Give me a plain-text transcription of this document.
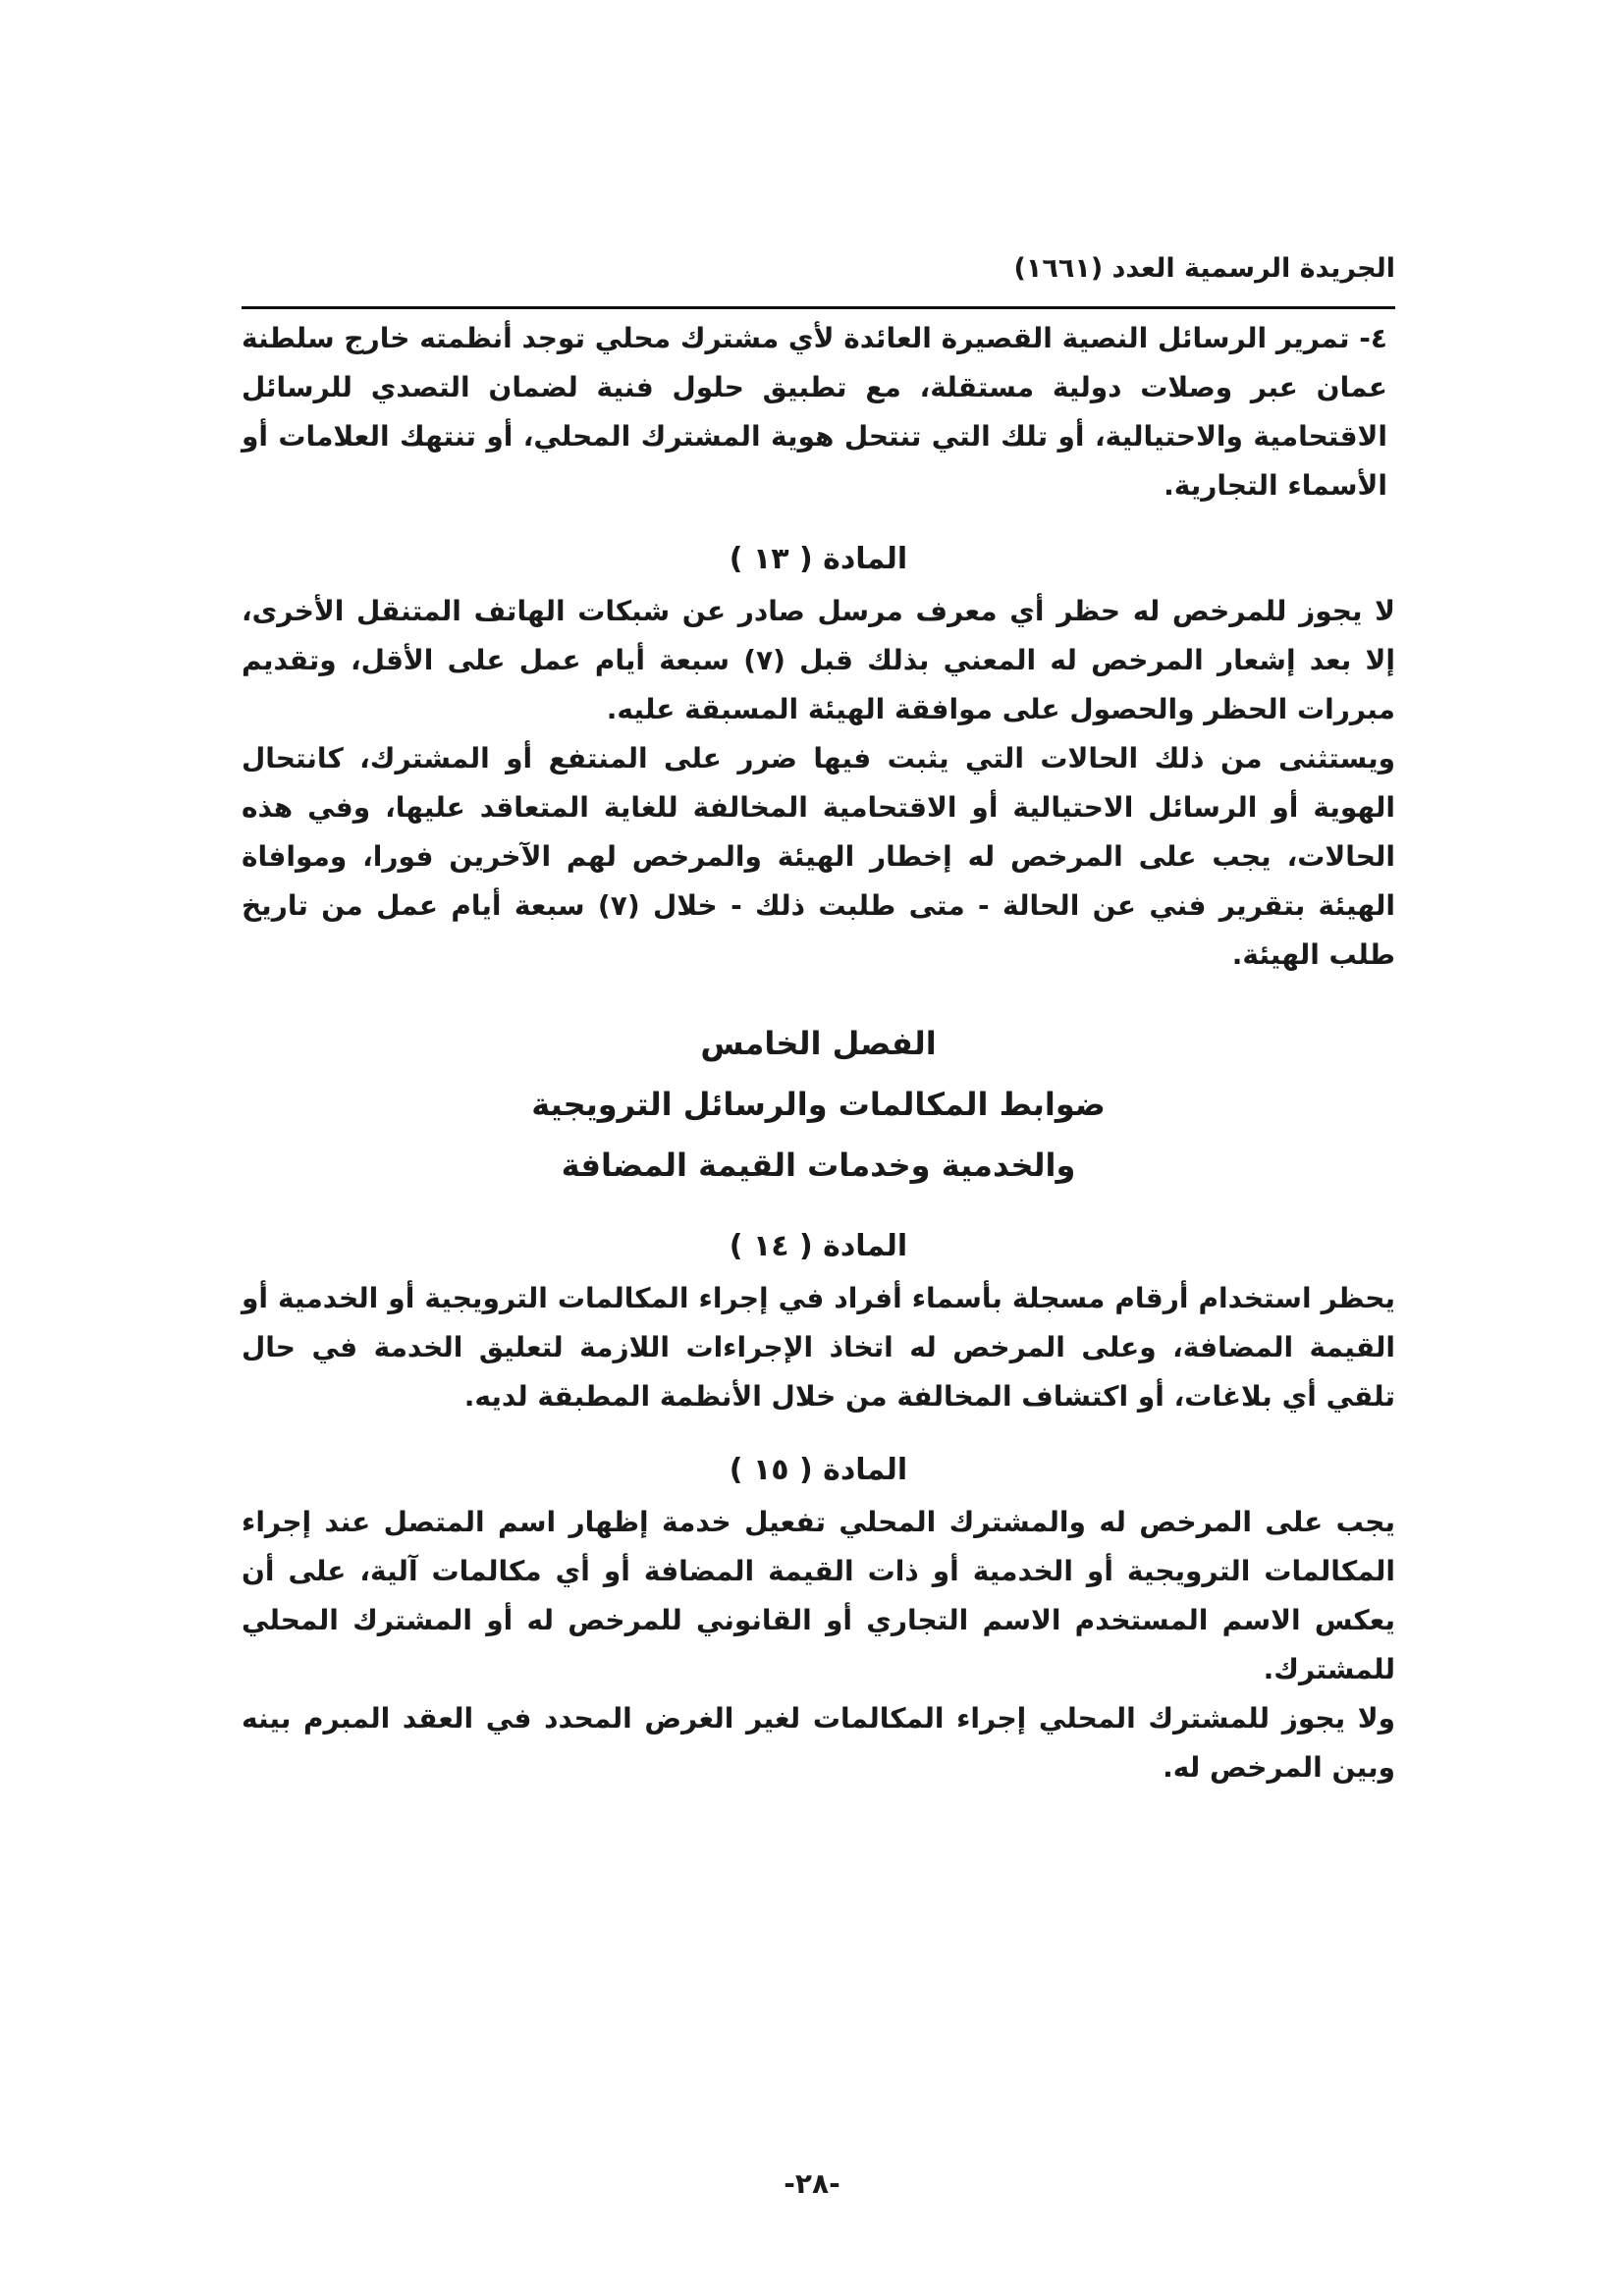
الجريدة الرسمية العدد (١٦٦١)

٤- تمرير الرسائل النصية القصيرة العائدة لأي مشترك محلي توجد أنظمته خارج سلطنة عمان عبر وصلات دولية مستقلة، مع تطبيق حلول فنية لضمان التصدي للرسائل الاقتحامية والاحتيالية، أو تلك التي تنتحل هوية المشترك المحلي، أو تنتهك العلامات أو الأسماء التجارية.

المادة ( ١٣ )

لا يجوز للمرخص له حظر أي معرف مرسل صادر عن شبكات الهاتف المتنقل الأخرى، إلا بعد إشعار المرخص له المعني بذلك قبل (٧) سبعة أيام عمل على الأقل، وتقديم مبررات الحظر والحصول على موافقة الهيئة المسبقة عليه.

ويستثنى من ذلك الحالات التي يثبت فيها ضرر على المنتفع أو المشترك، كانتحال الهوية أو الرسائل الاحتيالية أو الاقتحامية المخالفة للغاية المتعاقد عليها، وفي هذه الحالات، يجب على المرخص له إخطار الهيئة والمرخص لهم الآخرين فورا، وموافاة الهيئة بتقرير فني عن الحالة - متى طلبت ذلك - خلال (٧) سبعة أيام عمل من تاريخ طلب الهيئة.

الفصل الخامس

ضوابط المكالمات والرسائل الترويجية

والخدمية وخدمات القيمة المضافة

المادة ( ١٤ )

يحظر استخدام أرقام مسجلة بأسماء أفراد في إجراء المكالمات الترويجية أو الخدمية أو القيمة المضافة، وعلى المرخص له اتخاذ الإجراءات اللازمة لتعليق الخدمة في حال تلقي أي بلاغات، أو اكتشاف المخالفة من خلال الأنظمة المطبقة لديه.

المادة ( ١٥ )

يجب على المرخص له والمشترك المحلي تفعيل خدمة إظهار اسم المتصل عند إجراء المكالمات الترويجية أو الخدمية أو ذات القيمة المضافة أو أي مكالمات آلية، على أن يعكس الاسم المستخدم الاسم التجاري أو القانوني للمرخص له أو المشترك المحلي للمشترك.

ولا يجوز للمشترك المحلي إجراء المكالمات لغير الغرض المحدد في العقد المبرم بينه وبين المرخص له.

-٢٨-
